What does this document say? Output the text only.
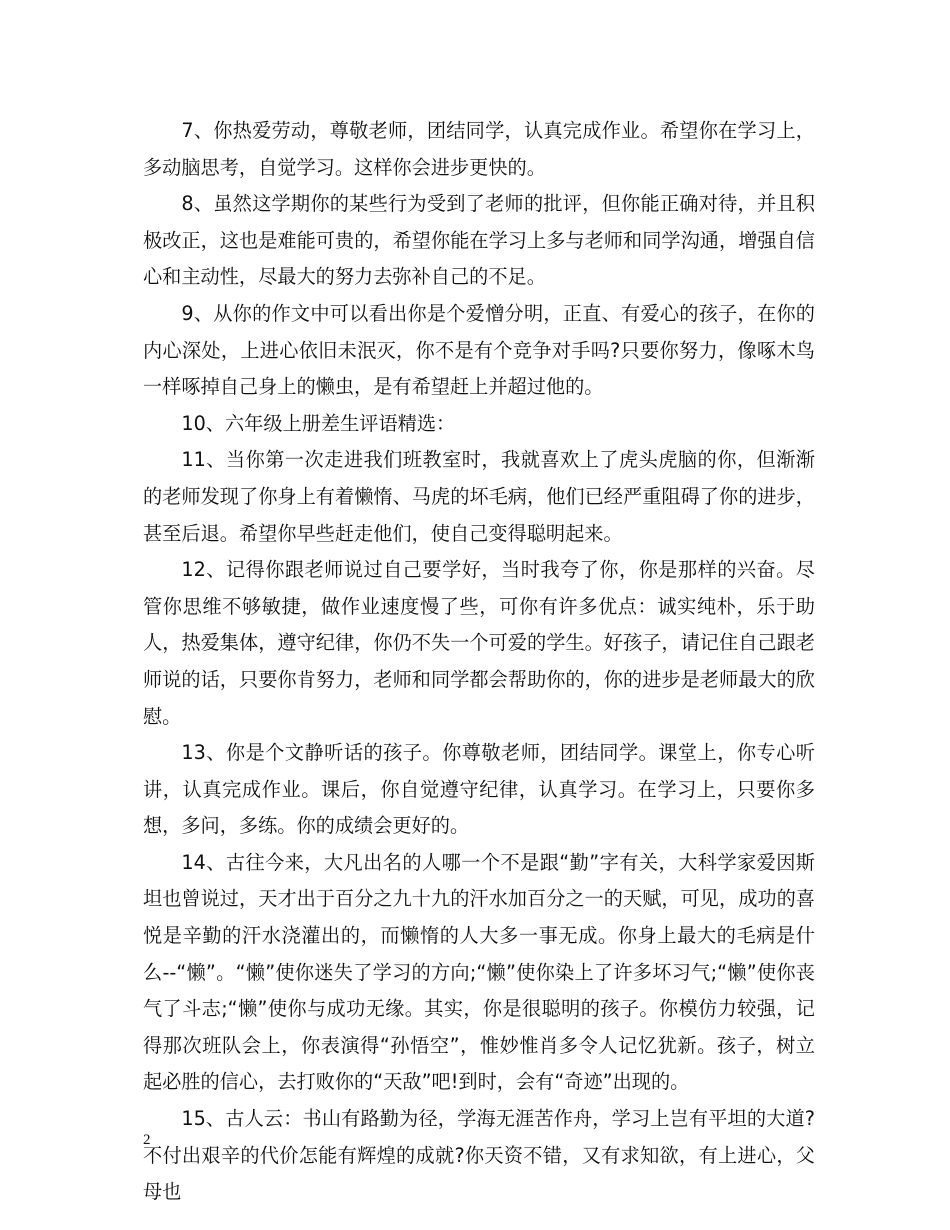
7、你热爱劳动，尊敬老师，团结同学，认真完成作业。希望你在学习上，多动脑思考，自觉学习。这样你会进步更快的。

8、虽然这学期你的某些行为受到了老师的批评，但你能正确对待，并且积极改正，这也是难能可贵的，希望你能在学习上多与老师和同学沟通，增强自信心和主动性，尽最大的努力去弥补自己的不足。

9、从你的作文中可以看出你是个爱憎分明，正直、有爱心的孩子，在你的内心深处，上进心依旧未泯灭，你不是有个竞争对手吗?只要你努力，像啄木鸟一样啄掉自己身上的懒虫，是有希望赶上并超过他的。

10、六年级上册差生评语精选：

11、当你第一次走进我们班教室时，我就喜欢上了虎头虎脑的你，但渐渐的老师发现了你身上有着懒惰、马虎的坏毛病，他们已经严重阻碍了你的进步，甚至后退。希望你早些赶走他们，使自己变得聪明起来。

12、记得你跟老师说过自己要学好，当时我夸了你，你是那样的兴奋。尽管你思维不够敏捷，做作业速度慢了些，可你有许多优点：诚实纯朴，乐于助人，热爱集体，遵守纪律，你仍不失一个可爱的学生。好孩子，请记住自己跟老师说的话，只要你肯努力，老师和同学都会帮助你的，你的进步是老师最大的欣慰。

13、你是个文静听话的孩子。你尊敬老师，团结同学。课堂上，你专心听讲，认真完成作业。课后，你自觉遵守纪律，认真学习。在学习上，只要你多想，多问，多练。你的成绩会更好的。

14、古往今来，大凡出名的人哪一个不是跟“勤”字有关，大科学家爱因斯坦也曾说过，天才出于百分之九十九的汗水加百分之一的天赋，可见，成功的喜悦是辛勤的汗水浇灌出的，而懒惰的人大多一事无成。你身上最大的毛病是什么--“懒”。“懒”使你迷失了学习的方向;“懒”使你染上了许多坏习气;“懒”使你丧气了斗志;“懒”使你与成功无缘。其实，你是很聪明的孩子。你模仿力较强，记得那次班队会上，你表演得“孙悟空”，惟妙惟肖多令人记忆犹新。孩子，树立起必胜的信心，去打败你的“天敌”吧!到时，会有“奇迹”出现的。

15、古人云：书山有路勤为径，学海无涯苦作舟，学习上岂有平坦的大道?不付出艰辛的代价怎能有辉煌的成就?你天资不错，又有求知欲，有上进心，父母也

2
